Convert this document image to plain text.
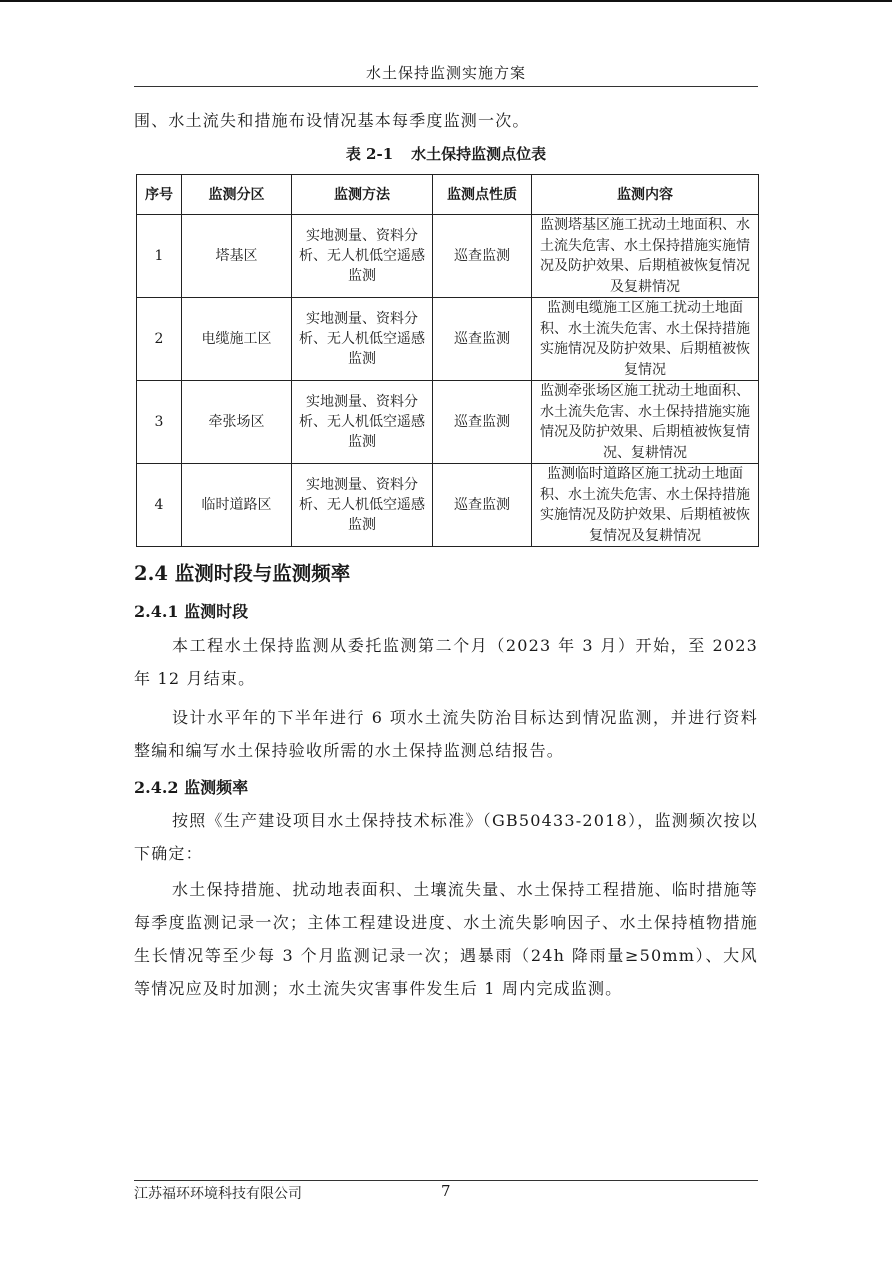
水土保持监测实施方案

围、水土流失和措施布设情况基本每季度监测一次。

表 2-1 水土保持监测点位表
序号	监测分区	监测方法	监测点性质	监测内容
1	塔基区	实地测量、资料分析、无人机低空遥感监测	巡查监测	监测塔基区施工扰动土地面积、水土流失危害、水土保持措施实施情况及防护效果、后期植被恢复情况及复耕情况
2	电缆施工区	实地测量、资料分析、无人机低空遥感监测	巡查监测	监测电缆施工区施工扰动土地面积、水土流失危害、水土保持措施实施情况及防护效果、后期植被恢复情况
3	牵张场区	实地测量、资料分析、无人机低空遥感监测	巡查监测	监测牵张场区施工扰动土地面积、水土流失危害、水土保持措施实施情况及防护效果、后期植被恢复情况、复耕情况
4	临时道路区	实地测量、资料分析、无人机低空遥感监测	巡查监测	监测临时道路区施工扰动土地面积、水土流失危害、水土保持措施实施情况及防护效果、后期植被恢复情况及复耕情况
2.4 监测时段与监测频率
2.4.1 监测时段

本工程水土保持监测从委托监测第二个月（2023 年 3 月）开始，至 2023 年 12 月结束。

设计水平年的下半年进行 6 项水土流失防治目标达到情况监测，并进行资料整编和编写水土保持验收所需的水土保持监测总结报告。

2.4.2 监测频率

按照《生产建设项目水土保持技术标准》（GB50433-2018），监测频次按以下确定：

水土保持措施、扰动地表面积、土壤流失量、水土保持工程措施、临时措施等每季度监测记录一次；主体工程建设进度、水土流失影响因子、水土保持植物措施生长情况等至少每 3 个月监测记录一次；遇暴雨（24h 降雨量≥50mm）、大风等情况应及时加测；水土流失灾害事件发生后 1 周内完成监测。

江苏福环环境科技有限公司	7
